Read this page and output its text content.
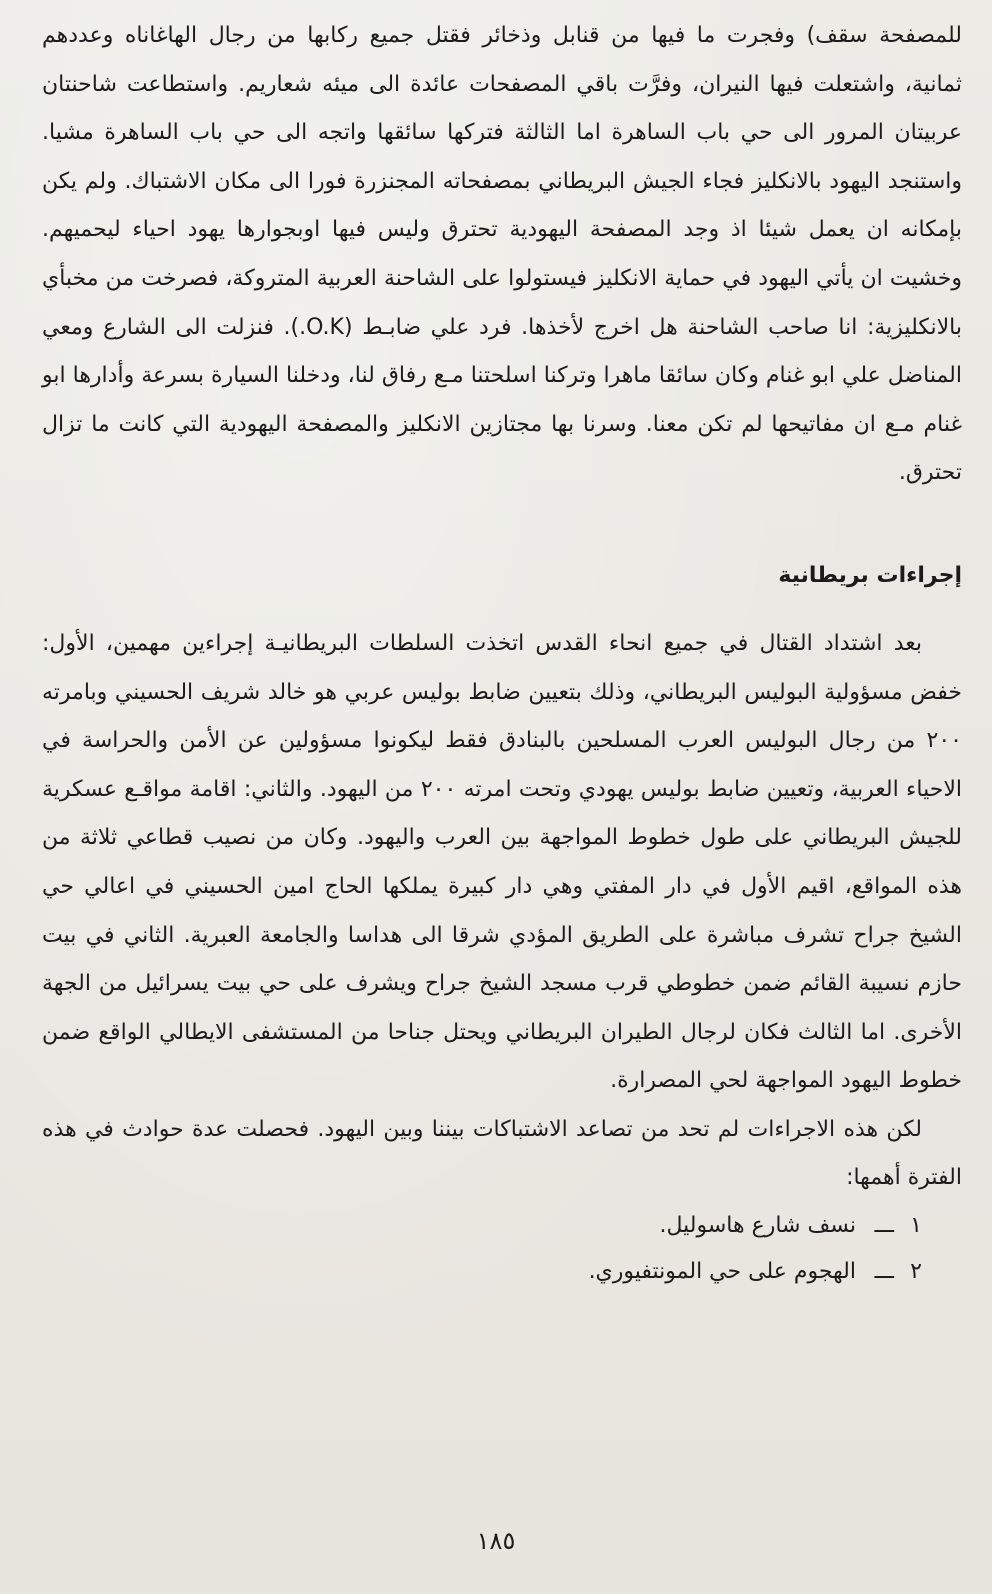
للمصفحة سقف) وفجرت ما فيها من قنابل وذخائر فقتل جميع ركابها من رجال الهاغاناه وعددهم ثمانية، واشتعلت فيها النيران، وفرَّت باقي المصفحات عائدة الى ميئه شعاريم. واستطاعت شاحنتان عربيتان المرور الى حي باب الساهرة اما الثالثة فتركها سائقها واتجه الى حي باب الساهرة مشيا. واستنجد اليهود بالانكليز فجاء الجيش البريطاني بمصفحاته المجنزرة فورا الى مكان الاشتباك. ولم يكن بإمكانه ان يعمل شيئا اذ وجد المصفحة اليهودية تحترق وليس فيها اوبجوارها يهود احياء ليحميهم. وخشيت ان يأتي اليهود في حماية الانكليز فيستولوا على الشاحنة العربية المتروكة، فصرخت من مخبأي بالانكليزية: انا صاحب الشاحنة هل اخرج لأخذها. فرد علي ضابـط (O.K.). فنزلت الى الشارع ومعي المناضل علي ابو غنام وكان سائقا ماهرا وتركنا اسلحتنا مـع رفاق لنا، ودخلنا السيارة بسرعة وأدارها ابو غنام مـع ان مفاتيحها لم تكن معنا. وسرنا بها مجتازين الانكليز والمصفحة اليهودية التي كانت ما تزال تحترق.

إجراءات بريطانية

بعد اشتداد القتال في جميع انحاء القدس اتخذت السلطات البريطانيـة إجراءين مهمين، الأول: خفض مسؤولية البوليس البريطاني، وذلك بتعيين ضابط بوليس عربي هو خالد شريف الحسيني وبامرته ٢٠٠ من رجال البوليس العرب المسلحين بالبنادق فقط ليكونوا مسؤولين عن الأمن والحراسة في الاحياء العربية، وتعيين ضابط بوليس يهودي وتحت امرته ٢٠٠ من اليهود. والثاني: اقامة مواقـع عسكرية للجيش البريطاني على طول خطوط المواجهة بين العرب واليهود. وكان من نصيب قطاعي ثلاثة من هذه المواقع، اقيم الأول في دار المفتي وهي دار كبيرة يملكها الحاج امين الحسيني في اعالي حي الشيخ جراح تشرف مباشرة على الطريق المؤدي شرقا الى هداسا والجامعة العبرية. الثاني في بيت حازم نسيبة القائم ضمن خطوطي قرب مسجد الشيخ جراح ويشرف على حي بيت يسرائيل من الجهة الأخرى. اما الثالث فكان لرجال الطيران البريطاني ويحتل جناحا من المستشفى الايطالي الواقع ضمن خطوط اليهود المواجهة لحي المصرارة.

لكن هذه الاجراءات لم تحد من تصاعد الاشتباكات بيننا وبين اليهود. فحصلت عدة حوادث في هذه الفترة أهمها:

١
ـــ
نسف شارع هاسوليل.
٢
ـــ
الهجوم على حي المونتفيوري.
١٨٥
